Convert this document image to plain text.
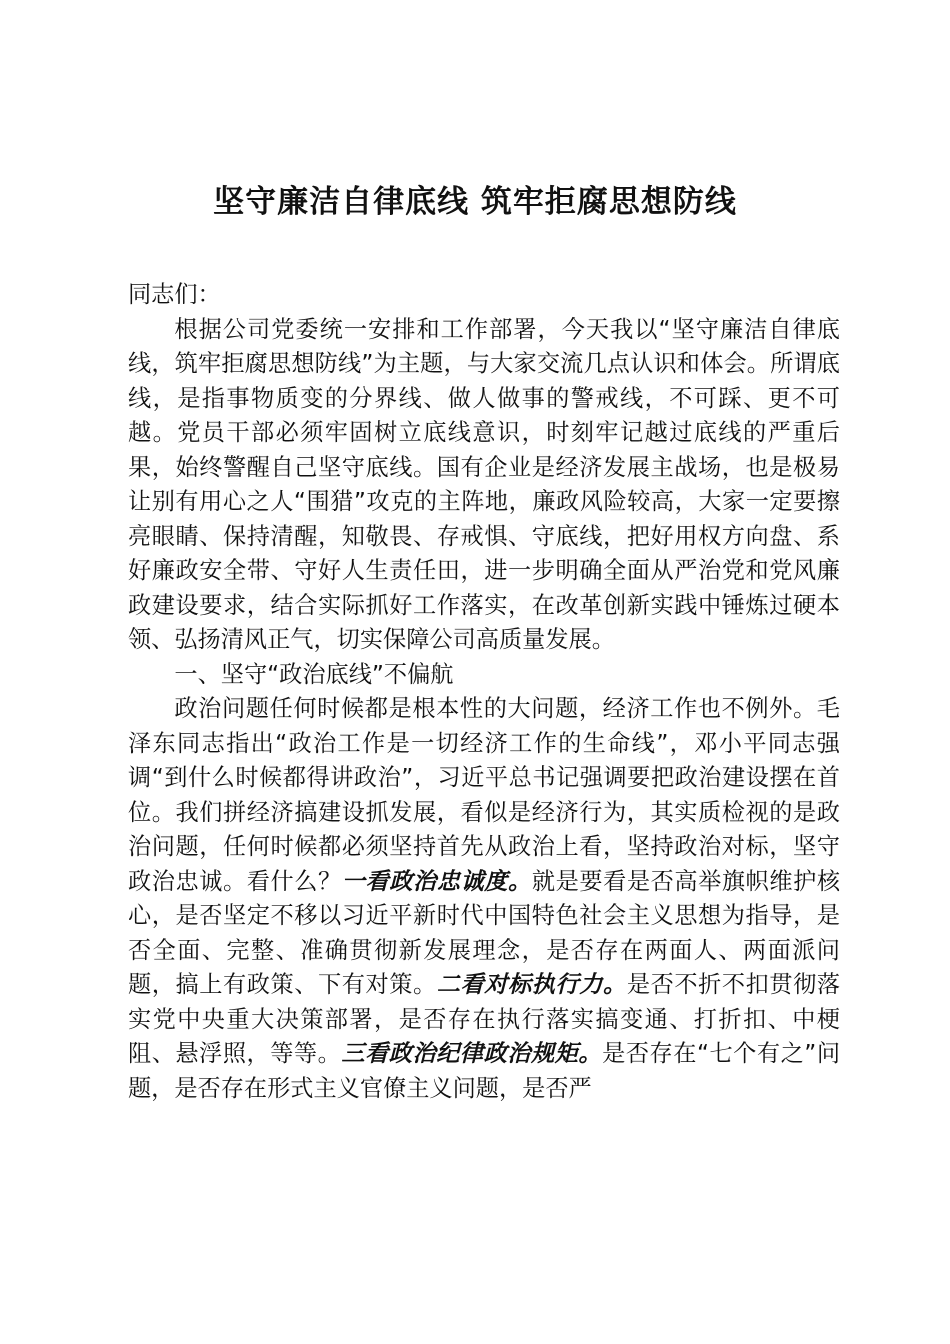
坚守廉洁自律底线 筑牢拒腐思想防线

同志们：

根据公司党委统一安排和工作部署，今天我以“坚守廉洁自律底线，筑牢拒腐思想防线”为主题，与大家交流几点认识和体会。所谓底线，是指事物质变的分界线、做人做事的警戒线，不可踩、更不可越。党员干部必须牢固树立底线意识，时刻牢记越过底线的严重后果，始终警醒自己坚守底线。国有企业是经济发展主战场，也是极易让别有用心之人“围猎”攻克的主阵地，廉政风险较高，大家一定要擦亮眼睛、保持清醒，知敬畏、存戒惧、守底线，把好用权方向盘、系好廉政安全带、守好人生责任田，进一步明确全面从严治党和党风廉政建设要求，结合实际抓好工作落实，在改革创新实践中锤炼过硬本领、弘扬清风正气，切实保障公司高质量发展。

一、坚守“政治底线”不偏航

政治问题任何时候都是根本性的大问题，经济工作也不例外。毛泽东同志指出“政治工作是一切经济工作的生命线”，邓小平同志强调“到什么时候都得讲政治”，习近平总书记强调要把政治建设摆在首位。我们拼经济搞建设抓发展，看似是经济行为，其实质检视的是政治问题，任何时候都必须坚持首先从政治上看，坚持政治对标，坚守政治忠诚。看什么？一看政治忠诚度。就是要看是否高举旗帜维护核心，是否坚定不移以习近平新时代中国特色社会主义思想为指导，是否全面、完整、准确贯彻新发展理念，是否存在两面人、两面派问题，搞上有政策、下有对策。二看对标执行力。是否不折不扣贯彻落实党中央重大决策部署，是否存在执行落实搞变通、打折扣、中梗阻、悬浮照，等等。三看政治纪律政治规矩。是否存在“七个有之”问题，是否存在形式主义官僚主义问题，是否严
